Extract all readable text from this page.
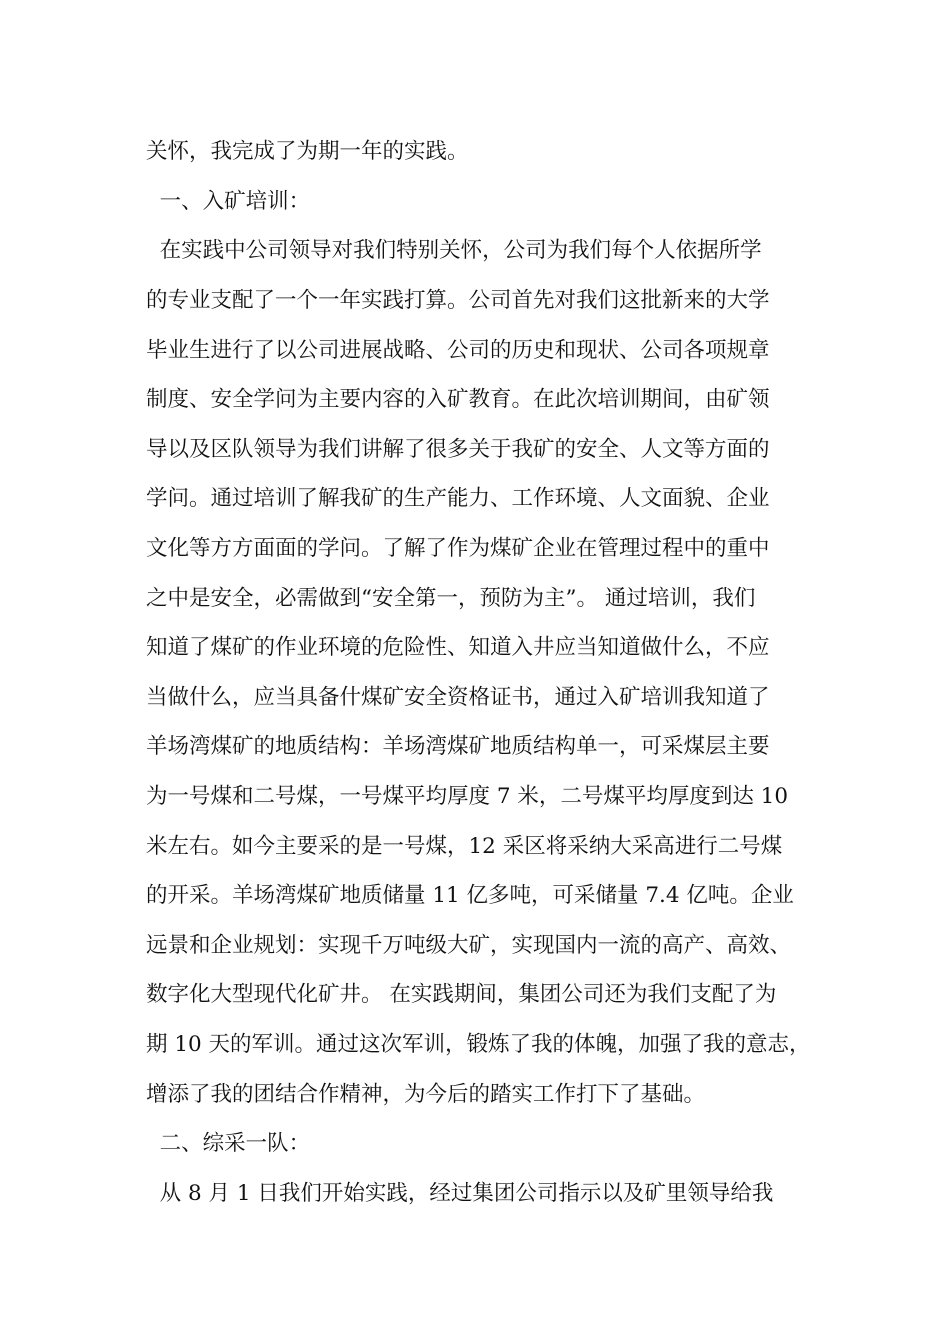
关怀，我完成了为期一年的实践。

一、入矿培训：

在实践中公司领导对我们特别关怀，公司为我们每个人依据所学

的专业支配了一个一年实践打算。公司首先对我们这批新来的大学

毕业生进行了以公司进展战略、公司的历史和现状、公司各项规章

制度、安全学问为主要内容的入矿教育。在此次培训期间，由矿领

导以及区队领导为我们讲解了很多关于我矿的安全、人文等方面的

学问。通过培训了解我矿的生产能力、工作环境、人文面貌、企业

文化等方方面面的学问。了解了作为煤矿企业在管理过程中的重中

之中是安全，必需做到“安全第一，预防为主”。 通过培训，我们

知道了煤矿的作业环境的危险性、知道入井应当知道做什么，不应

当做什么，应当具备什煤矿安全资格证书，通过入矿培训我知道了

羊场湾煤矿的地质结构：羊场湾煤矿地质结构单一，可采煤层主要

为一号煤和二号煤，一号煤平均厚度 7 米，二号煤平均厚度到达 10

米左右。如今主要采的是一号煤，12 采区将采纳大采高进行二号煤

的开采。羊场湾煤矿地质储量 11 亿多吨，可采储量 7.4 亿吨。企业

远景和企业规划：实现千万吨级大矿，实现国内一流的高产、高效、

数字化大型现代化矿井。 在实践期间，集团公司还为我们支配了为

期 10 天的军训。通过这次军训，锻炼了我的体魄，加强了我的意志，

增添了我的团结合作精神，为今后的踏实工作打下了基础。

二、综采一队：

从 8 月 1 日我们开始实践，经过集团公司指示以及矿里领导给我
